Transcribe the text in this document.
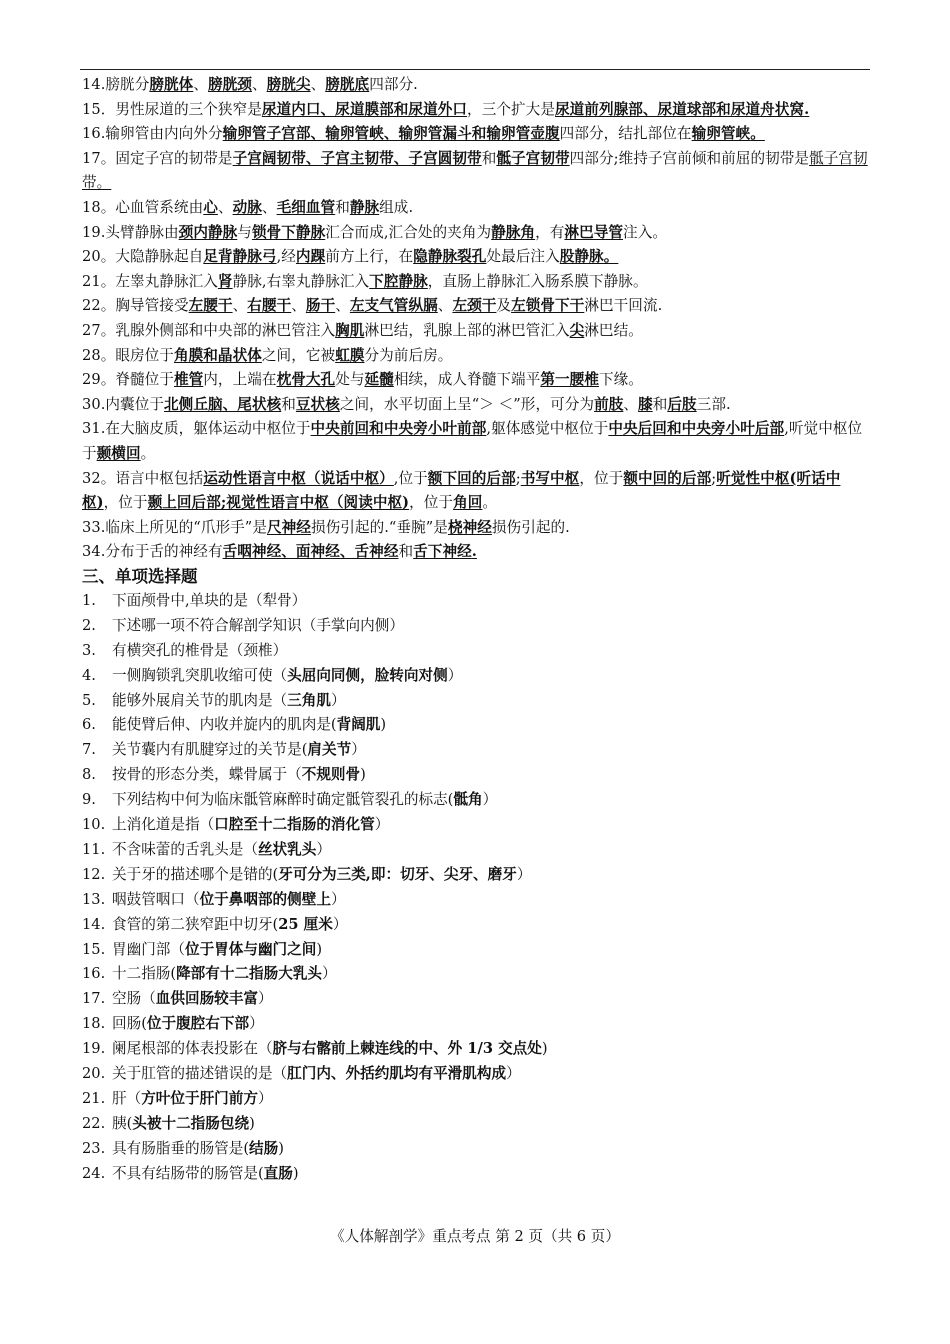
14.膀胱分膀胱体、膀胱颈、膀胱尖、膀胱底四部分.

15．男性尿道的三个狭窄是尿道内口、尿道膜部和尿道外口，三个扩大是尿道前列腺部、尿道球部和尿道舟状窝.

16.输卵管由内向外分输卵管子宫部、输卵管峡、输卵管漏斗和输卵管壶腹四部分，结扎部位在输卵管峡。

17。固定子宫的韧带是子宫阔韧带、子宫主韧带、子宫圆韧带和骶子宫韧带四部分;维持子宫前倾和前屈的韧带是骶子宫韧带。

18。心血管系统由心、动脉、毛细血管和静脉组成.

19.头臂静脉由颈内静脉与锁骨下静脉汇合而成,汇合处的夹角为静脉角，有淋巴导管注入。

20。大隐静脉起自足背静脉弓,经内踝前方上行，在隐静脉裂孔处最后注入股静脉。

21。左睾丸静脉汇入肾静脉,右睾丸静脉汇入下腔静脉，直肠上静脉汇入肠系膜下静脉。

22。胸导管接受左腰干、右腰干、肠干、左支气管纵膈、左颈干及左锁骨下干淋巴干回流.

27。乳腺外侧部和中央部的淋巴管注入胸肌淋巴结，乳腺上部的淋巴管汇入尖淋巴结。

28。眼房位于角膜和晶状体之间，它被虹膜分为前后房。

29。脊髓位于椎管内，上端在枕骨大孔处与延髓相续，成人脊髓下端平第一腰椎下缘。

30.内囊位于北侧丘脑、尾状核和豆状核之间，水平切面上呈“＞ ＜”形，可分为前肢、膝和后肢三部.

31.在大脑皮质，躯体运动中枢位于中央前回和中央旁小叶前部,躯体感觉中枢位于中央后回和中央旁小叶后部,听觉中枢位于颞横回。

32。语言中枢包括运动性语言中枢（说话中枢）,位于额下回的后部;书写中枢，位于额中回的后部;听觉性中枢(听话中枢)，位于颞上回后部;视觉性语言中枢（阅读中枢)，位于角回。

33.临床上所见的“爪形手”是尺神经损伤引起的.“垂腕”是桡神经损伤引起的.

34.分布于舌的神经有舌咽神经、面神经、舌神经和舌下神经.

三、单项选择题
1.	下面颅骨中,单块的是（犁骨）
2.	下述哪一项不符合解剖学知识（手掌向内侧）
3.	有横突孔的椎骨是（颈椎）
4.	一侧胸锁乳突肌收缩可使（头屈向同侧，脸转向对侧）
5.	能够外展肩关节的肌肉是（三角肌）
6.	能使臂后伸、内收并旋内的肌肉是(背阔肌)
7.	关节囊内有肌腱穿过的关节是(肩关节）
8.	按骨的形态分类，蝶骨属于（不规则骨)
9.	下列结构中何为临床骶管麻醉时确定骶管裂孔的标志(骶角）
10. 上消化道是指（口腔至十二指肠的消化管）
11. 不含味蕾的舌乳头是（丝状乳头）
12. 关于牙的描述哪个是错的(牙可分为三类,即：切牙、尖牙、磨牙）
13. 咽鼓管咽口（位于鼻咽部的侧壁上）
14. 食管的第二狭窄距中切牙(25 厘米）
15. 胃幽门部（位于胃体与幽门之间)
16. 十二指肠(降部有十二指肠大乳头）
17. 空肠（血供回肠较丰富）
18. 回肠(位于腹腔右下部）
19. 阑尾根部的体表投影在（脐与右髂前上棘连线的中、外 1/3 交点处)
20. 关于肛管的描述错误的是（肛门内、外括约肌均有平滑肌构成）
21. 肝（方叶位于肝门前方）
22. 胰(头被十二指肠包绕)
23. 具有肠脂垂的肠管是(结肠)
24. 不具有结肠带的肠管是(直肠)
《人体解剖学》重点考点 第 2 页（共 6 页）
